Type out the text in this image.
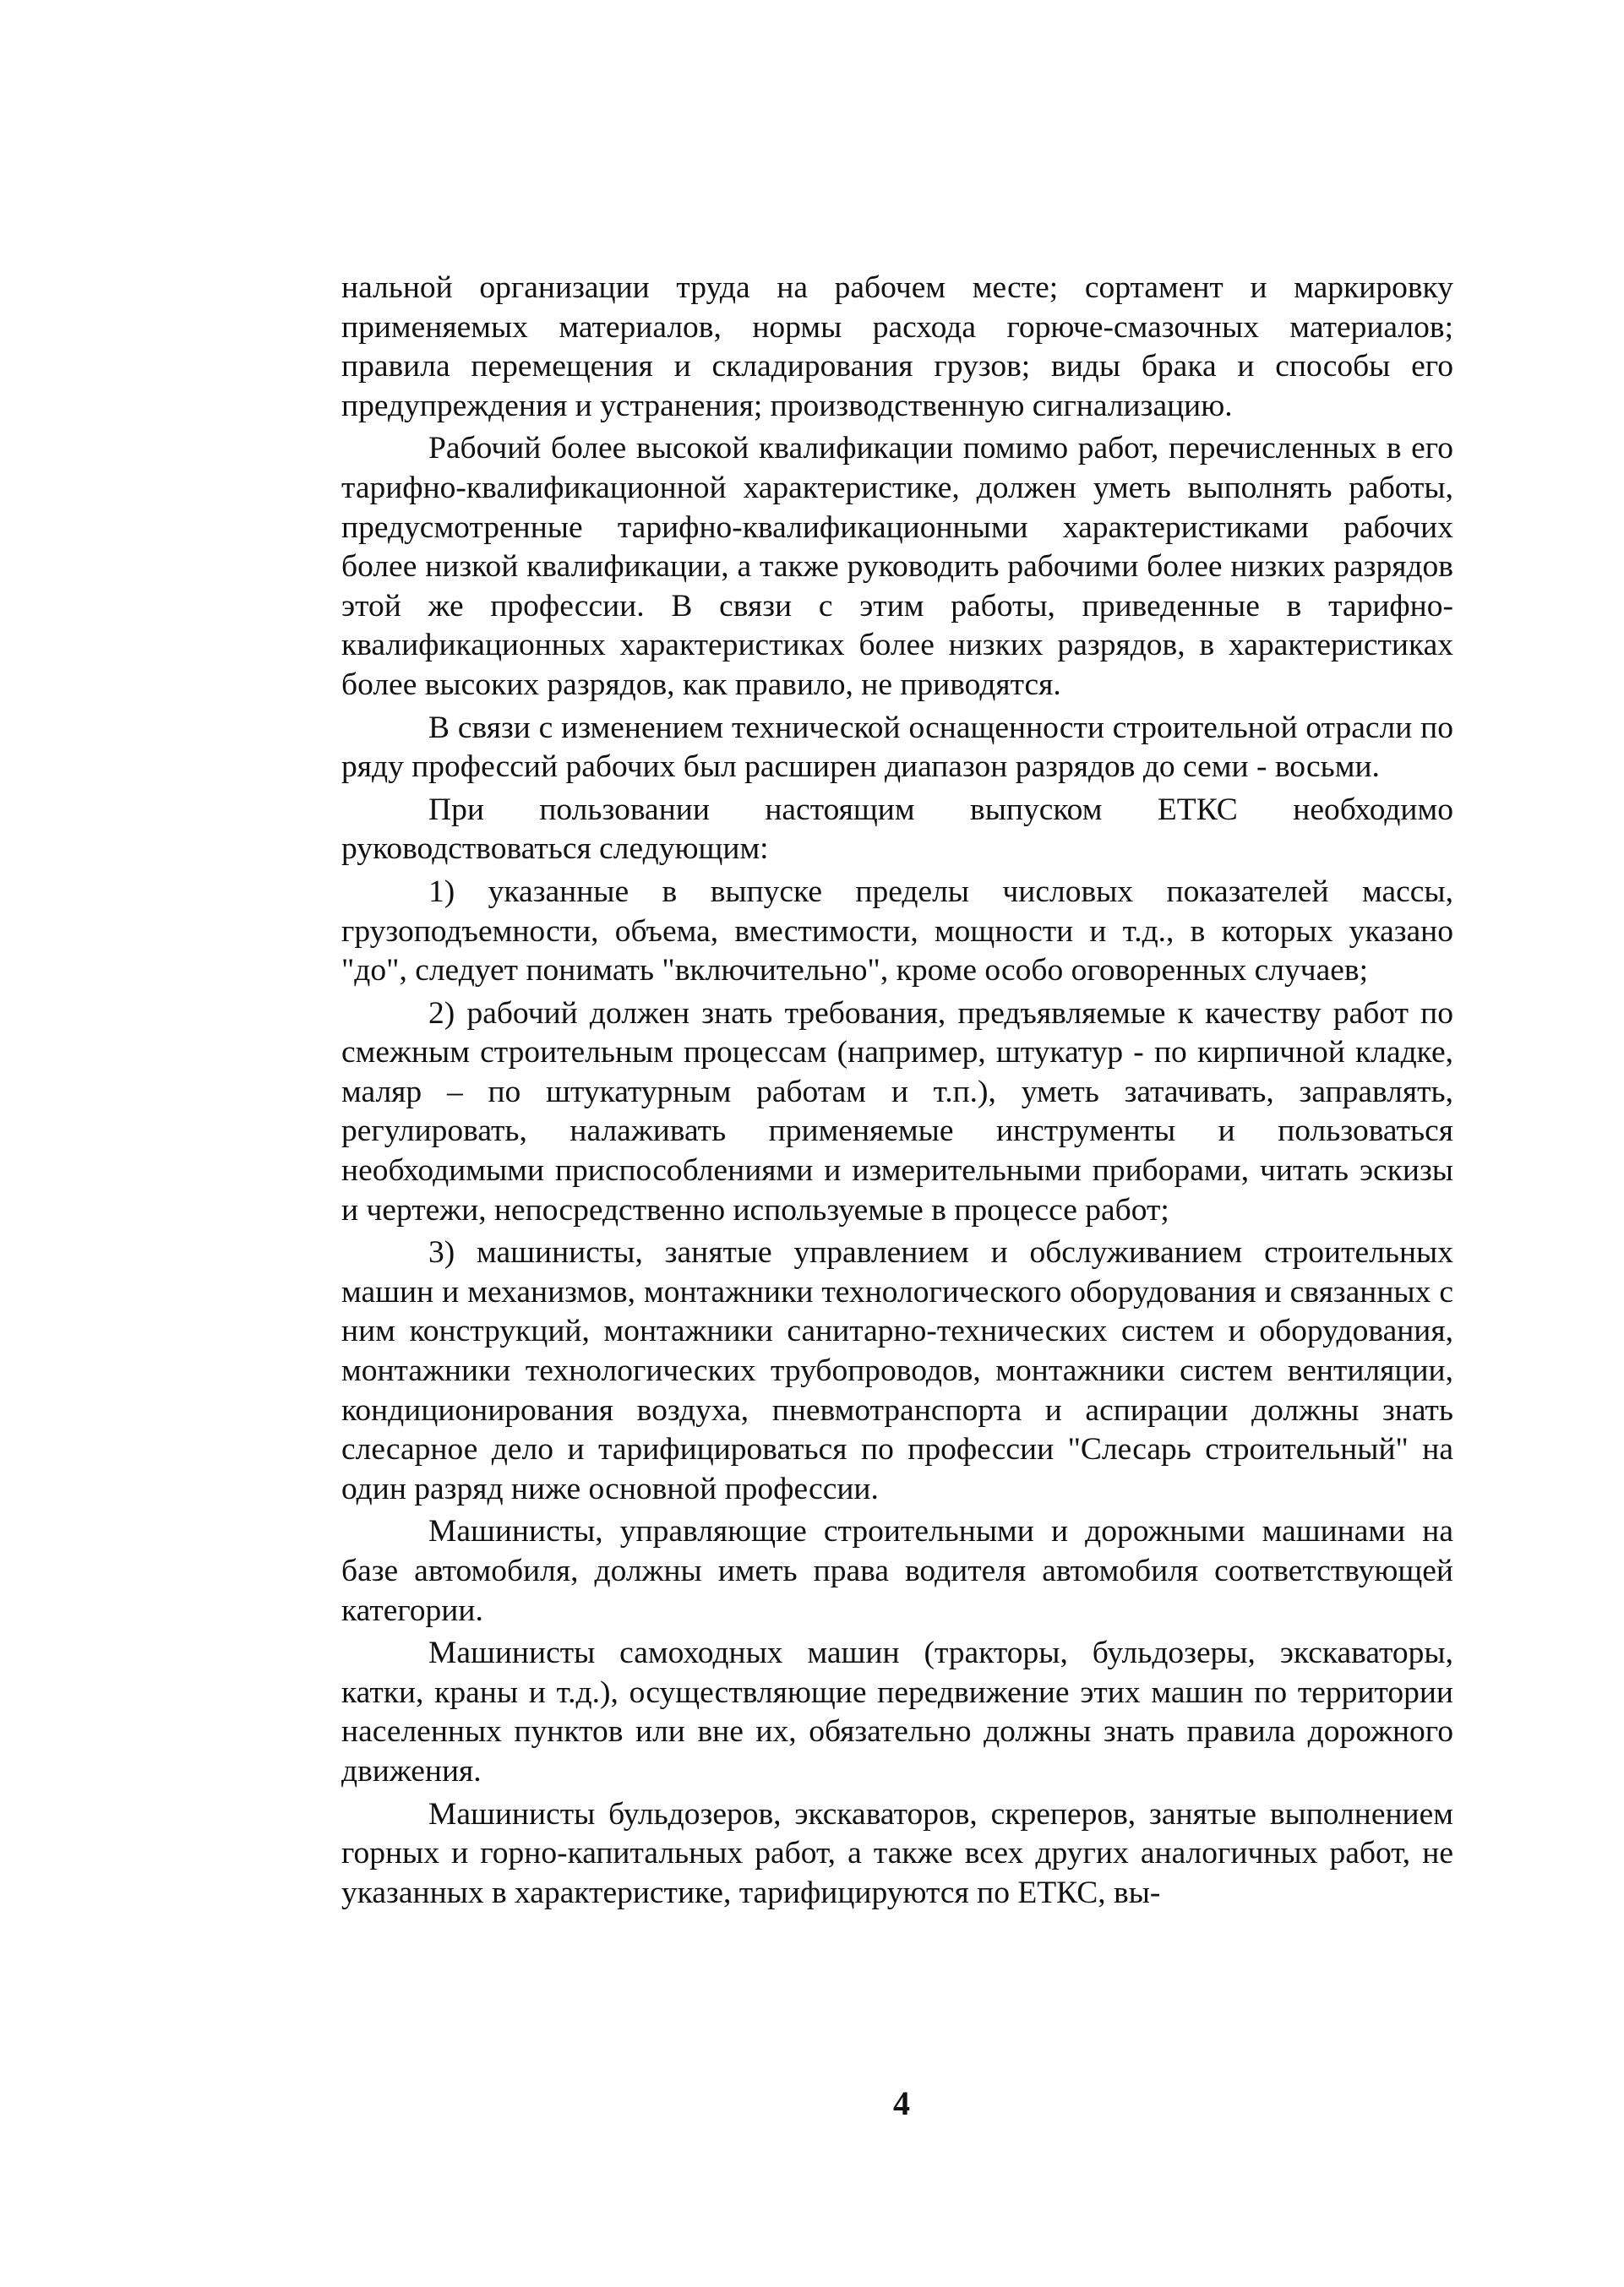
нальной организации труда на рабочем месте; сортамент и маркировку применяемых материалов, нормы расхода горюче-смазочных материалов; правила перемещения и складирования грузов; виды брака и способы его предупреждения и устранения; производственную сигнализацию.

Рабочий более высокой квалификации помимо работ, перечисленных в его тарифно-квалификационной характеристике, должен уметь выполнять работы, предусмотренные тарифно-квалификационными характеристиками рабочих более низкой квалификации, а также руководить рабочими более низких разрядов этой же профессии. В связи с этим работы, приведенные в тарифно-квалификационных характеристиках более низких разрядов, в характеристиках более высоких разрядов, как правило, не приводятся.

В связи с изменением технической оснащенности строительной отрасли по ряду профессий рабочих был расширен диапазон разрядов до семи - восьми.

При пользовании настоящим выпуском ЕТКС необходимо руководствоваться следующим:

1) указанные в выпуске пределы числовых показателей массы, грузоподъемности, объема, вместимости, мощности и т.д., в которых указано "до", следует понимать "включительно", кроме особо оговоренных случаев;

2) рабочий должен знать требования, предъявляемые к качеству работ по смежным строительным процессам (например, штукатур - по кирпичной кладке, маляр – по штукатурным работам и т.п.), уметь затачивать, заправлять, регулировать, налаживать применяемые инструменты и пользоваться необходимыми приспособлениями и измерительными приборами, читать эскизы и чертежи, непосредственно используемые в процессе работ;

3) машинисты, занятые управлением и обслуживанием строительных машин и механизмов, монтажники технологического оборудования и связанных с ним конструкций, монтажники санитарно-технических систем и оборудования, монтажники технологических трубопроводов, монтажники систем вентиляции, кондиционирования воздуха, пневмотранспорта и аспирации должны знать слесарное дело и тарифицироваться по профессии "Слесарь строительный" на один разряд ниже основной профессии.

Машинисты, управляющие строительными и дорожными машинами на базе автомобиля, должны иметь права водителя автомобиля соответствующей категории.

Машинисты самоходных машин (тракторы, бульдозеры, экскаваторы, катки, краны и т.д.), осуществляющие передвижение этих машин по территории населенных пунктов или вне их, обязательно должны знать правила дорожного движения.

Машинисты бульдозеров, экскаваторов, скреперов, занятые выполнением горных и горно-капитальных работ, а также всех других аналогичных работ, не указанных в характеристике, тарифицируются по ЕТКС, вы-

4
